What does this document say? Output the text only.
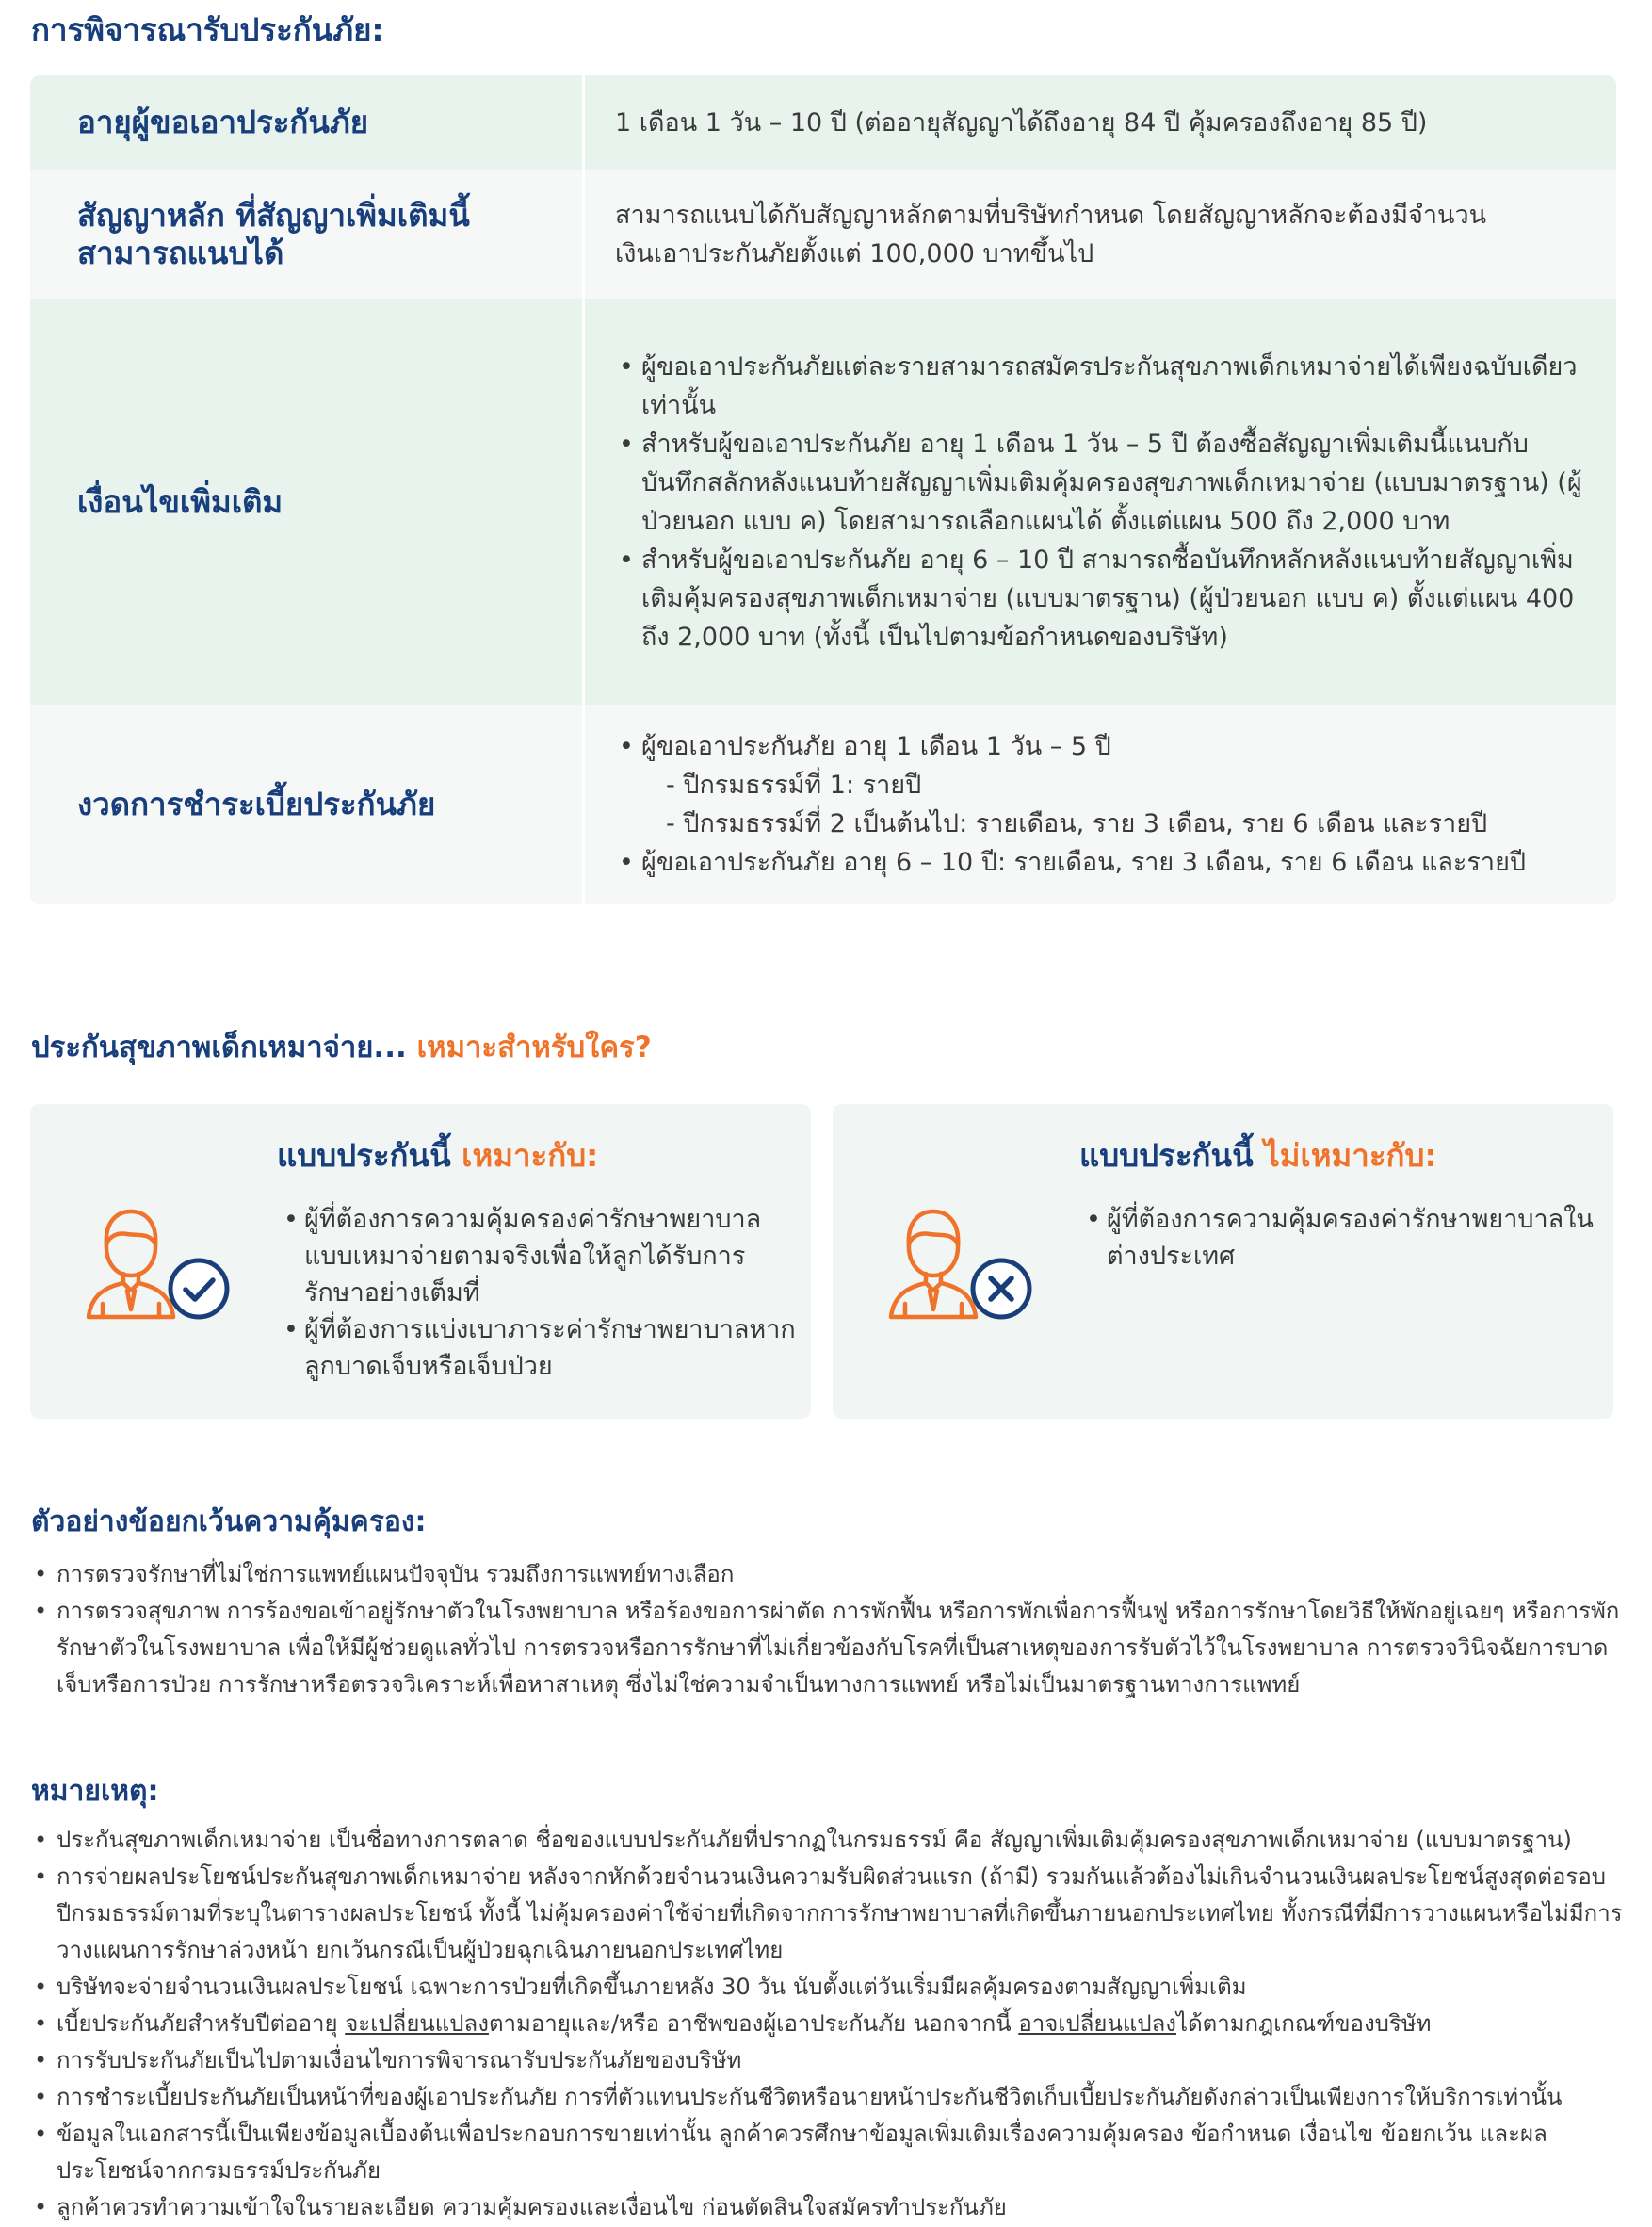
การพิจารณารับประกันภัย:
อายุผู้ขอเอาประกันภัย	1 เดือน 1 วัน – 10 ปี (ต่ออายุสัญญาได้ถึงอายุ 84 ปี คุ้มครองถึงอายุ 85 ปี)
สัญญาหลัก ที่สัญญาเพิ่มเติมนี้สามารถแนบได้
สามารถแนบได้กับสัญญาหลักตามที่บริษัทกำหนด โดยสัญญาหลักจะต้องมีจำนวนเงินเอาประกันภัยตั้งแต่ 100,000 บาทขึ้นไป
เงื่อนไขเพิ่มเติม
• ผู้ขอเอาประกันภัยแต่ละรายสามารถสมัครประกันสุขภาพเด็กเหมาจ่ายได้เพียงฉบับเดียวเท่านั้น
• สำหรับผู้ขอเอาประกันภัย อายุ 1 เดือน 1 วัน – 5 ปี ต้องซื้อสัญญาเพิ่มเติมนี้แนบกับบันทึกสลักหลังแนบท้ายสัญญาเพิ่มเติมคุ้มครองสุขภาพเด็กเหมาจ่าย (แบบมาตรฐาน) (ผู้ป่วยนอก แบบ ค) โดยสามารถเลือกแผนได้ ตั้งแต่แผน 500 ถึง 2,000 บาท
• สำหรับผู้ขอเอาประกันภัย อายุ 6 – 10 ปี สามารถซื้อบันทึกหลักหลังแนบท้ายสัญญาเพิ่มเติมคุ้มครองสุขภาพเด็กเหมาจ่าย (แบบมาตรฐาน) (ผู้ป่วยนอก แบบ ค) ตั้งแต่แผน 400 ถึง 2,000 บาท (ทั้งนี้ เป็นไปตามข้อกำหนดของบริษัท)
งวดการชำระเบี้ยประกันภัย
• ผู้ขอเอาประกันภัย อายุ 1 เดือน 1 วัน – 5 ปี
- ปีกรมธรรม์ที่ 1: รายปี
- ปีกรมธรรม์ที่ 2 เป็นต้นไป: รายเดือน, ราย 3 เดือน, ราย 6 เดือน และรายปี
• ผู้ขอเอาประกันภัย อายุ 6 – 10 ปี: รายเดือน, ราย 3 เดือน, ราย 6 เดือน และรายปี
ประกันสุขภาพเด็กเหมาจ่าย... เหมาะสำหรับใคร?
แบบประกันนี้ เหมาะกับ:
• ผู้ที่ต้องการความคุ้มครองค่ารักษาพยาบาลแบบเหมาจ่ายตามจริงเพื่อให้ลูกได้รับการรักษาอย่างเต็มที่
• ผู้ที่ต้องการแบ่งเบาภาระค่ารักษาพยาบาลหากลูกบาดเจ็บหรือเจ็บป่วย
แบบประกันนี้ ไม่เหมาะกับ:
• ผู้ที่ต้องการความคุ้มครองค่ารักษาพยาบาลในต่างประเทศ
ตัวอย่างข้อยกเว้นความคุ้มครอง:
• การตรวจรักษาที่ไม่ใช่การแพทย์แผนปัจจุบัน รวมถึงการแพทย์ทางเลือก
• การตรวจสุขภาพ การร้องขอเข้าอยู่รักษาตัวในโรงพยาบาล หรือร้องขอการผ่าตัด การพักฟื้น หรือการพักเพื่อการฟื้นฟู หรือการรักษาโดยวิธีให้พักอยู่เฉยๆ หรือการพักรักษาตัวในโรงพยาบาล เพื่อให้มีผู้ช่วยดูแลทั่วไป การตรวจหรือการรักษาที่ไม่เกี่ยวข้องกับโรคที่เป็นสาเหตุของการรับตัวไว้ในโรงพยาบาล การตรวจวินิจฉัยการบาดเจ็บหรือการป่วย การรักษาหรือตรวจวิเคราะห์เพื่อหาสาเหตุ ซึ่งไม่ใช่ความจำเป็นทางการแพทย์ หรือไม่เป็นมาตรฐานทางการแพทย์
หมายเหตุ:
• ประกันสุขภาพเด็กเหมาจ่าย เป็นชื่อทางการตลาด ชื่อของแบบประกันภัยที่ปรากฏในกรมธรรม์ คือ สัญญาเพิ่มเติมคุ้มครองสุขภาพเด็กเหมาจ่าย (แบบมาตรฐาน)
• การจ่ายผลประโยชน์ประกันสุขภาพเด็กเหมาจ่าย หลังจากหักด้วยจำนวนเงินความรับผิดส่วนแรก (ถ้ามี) รวมกันแล้วต้องไม่เกินจำนวนเงินผลประโยชน์สูงสุดต่อรอบปีกรมธรรม์ตามที่ระบุในตารางผลประโยชน์ ทั้งนี้ ไม่คุ้มครองค่าใช้จ่ายที่เกิดจากการรักษาพยาบาลที่เกิดขึ้นภายนอกประเทศไทย ทั้งกรณีที่มีการวางแผนหรือไม่มีการวางแผนการรักษาล่วงหน้า ยกเว้นกรณีเป็นผู้ป่วยฉุกเฉินภายนอกประเทศไทย
• บริษัทจะจ่ายจำนวนเงินผลประโยชน์ เฉพาะการป่วยที่เกิดขึ้นภายหลัง 30 วัน นับตั้งแต่วันเริ่มมีผลคุ้มครองตามสัญญาเพิ่มเติม
• เบี้ยประกันภัยสำหรับปีต่ออายุ จะเปลี่ยนแปลงตามอายุและ/หรือ อาชีพของผู้เอาประกันภัย นอกจากนี้ อาจเปลี่ยนแปลงได้ตามกฎเกณฑ์ของบริษัท
• การรับประกันภัยเป็นไปตามเงื่อนไขการพิจารณารับประกันภัยของบริษัท
• การชำระเบี้ยประกันภัยเป็นหน้าที่ของผู้เอาประกันภัย การที่ตัวแทนประกันชีวิตหรือนายหน้าประกันชีวิตเก็บเบี้ยประกันภัยดังกล่าวเป็นเพียงการให้บริการเท่านั้น
• ข้อมูลในเอกสารนี้เป็นเพียงข้อมูลเบื้องต้นเพื่อประกอบการขายเท่านั้น ลูกค้าควรศึกษาข้อมูลเพิ่มเติมเรื่องความคุ้มครอง ข้อกำหนด เงื่อนไข ข้อยกเว้น และผลประโยชน์จากกรมธรรม์ประกันภัย
• ลูกค้าควรทำความเข้าใจในรายละเอียด ความคุ้มครองและเงื่อนไข ก่อนตัดสินใจสมัครทำประกันภัย
